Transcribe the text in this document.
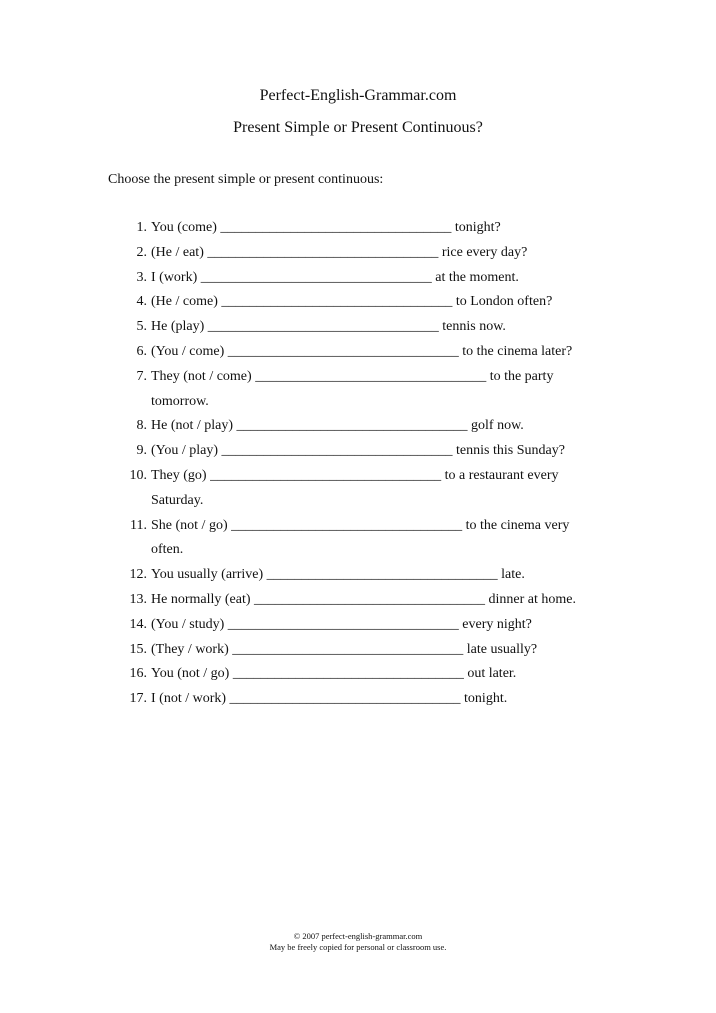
Perfect-English-Grammar.com
Present Simple or Present Continuous?
Choose the present simple or present continuous:
1. You (come) _________________________________ tonight?
2. (He / eat) _________________________________ rice every day?
3. I (work) _________________________________ at the moment.
4. (He / come) _________________________________ to London often?
5. He (play) _________________________________ tennis now.
6. (You / come) _________________________________ to the cinema later?
7. They (not / come) _________________________________ to the party tomorrow.
8. He (not / play) _________________________________ golf now.
9. (You / play) _________________________________ tennis this Sunday?
10. They (go) _________________________________ to a restaurant every Saturday.
11. She (not / go) _________________________________ to the cinema very often.
12. You usually (arrive) _________________________________ late.
13. He normally (eat) _________________________________ dinner at home.
14. (You / study) _________________________________ every night?
15. (They / work) _________________________________ late usually?
16. You (not / go) _________________________________ out later.
17. I (not / work) _________________________________ tonight.
© 2007 perfect-english-grammar.com
May be freely copied for personal or classroom use.
